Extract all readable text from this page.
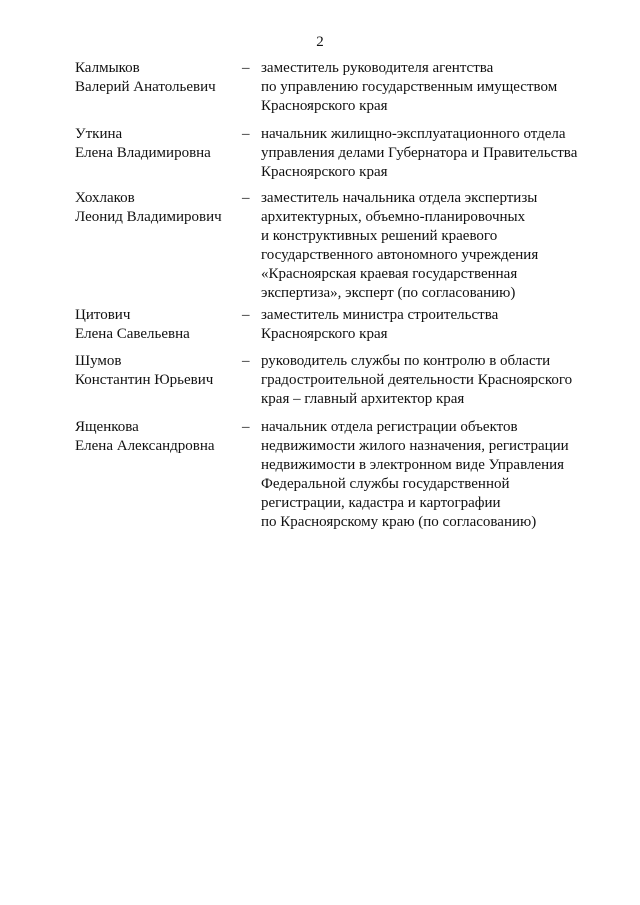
2
Калмыков
Валерий Анатольевич
– заместитель руководителя агентства
по управлению государственным имуществом
Красноярского края
Уткина
Елена Владимировна
– начальник жилищно-эксплуатационного отдела
управления делами Губернатора и Правительства
Красноярского края
Хохлаков
Леонид Владимирович
– заместитель начальника отдела экспертизы
архитектурных, объемно-планировочных
и конструктивных решений краевого
государственного автономного учреждения
«Красноярская краевая государственная
экспертиза», эксперт (по согласованию)
Цитович
Елена Савельевна
– заместитель министра строительства
Красноярского края
Шумов
Константин Юрьевич
– руководитель службы по контролю в области
градостроительной деятельности Красноярского
края – главный архитектор края
Ященкова
Елена Александровна
– начальник отдела регистрации объектов
недвижимости жилого назначения, регистрации
недвижимости в электронном виде Управления
Федеральной службы государственной
регистрации, кадастра и картографии
по Красноярскому краю (по согласованию)
